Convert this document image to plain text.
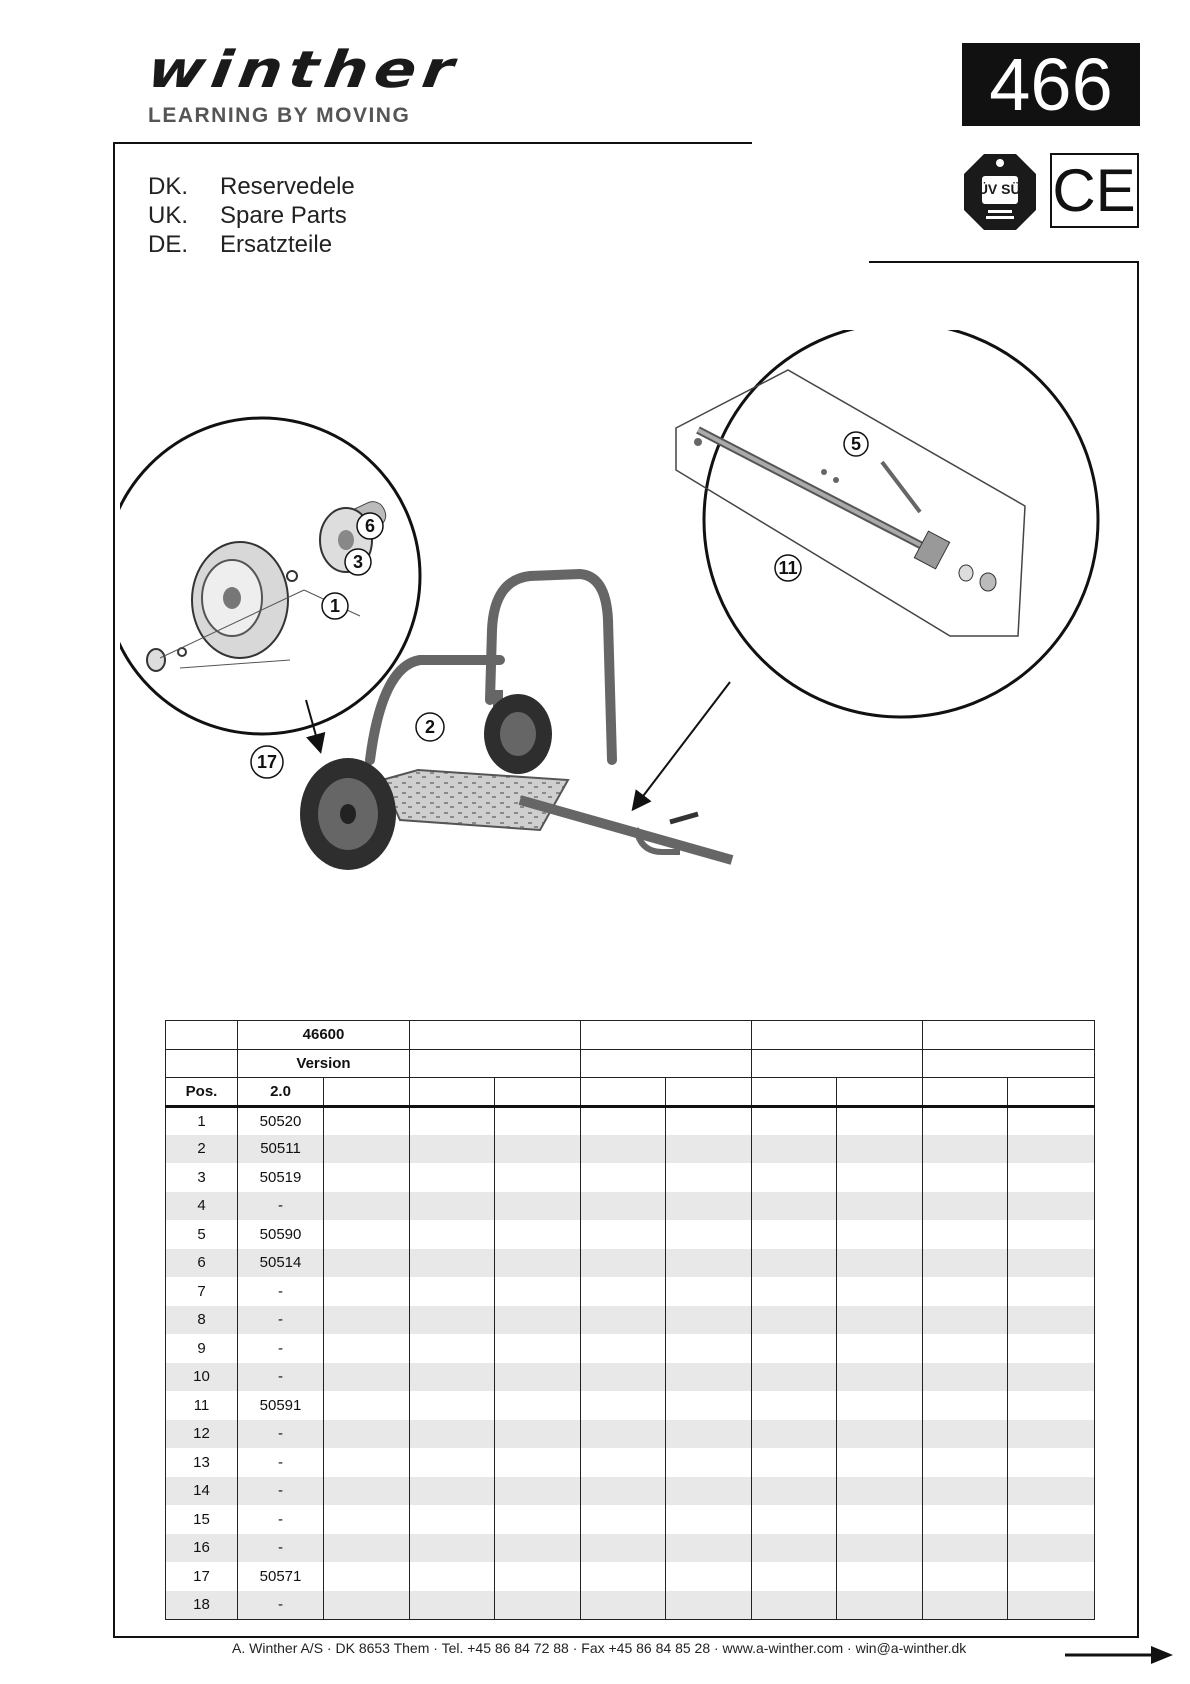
winther
LEARNING BY MOVING	466
TÜV SÜD CE
DK.	Reservedele
UK.	Spare Parts
DE.	Ersatzteile
1
2
3
5
6
11
17
	46600									
	Version									
Pos.	2.0									
1	50520									
2	50511									
3	50519									
4	-									
5	50590									
6	50514									
7	-									
8	-									
9	-									
10	-									
11	50591									
12	-									
13	-									
14	-									
15	-									
16	-									
17	50571									
18	-									
A. Winther A/S · DK 8653 Them · Tel. +45 86 84 72 88 · Fax +45 86 84 85 28 · www.a-winther.com · win@a-winther.dk
